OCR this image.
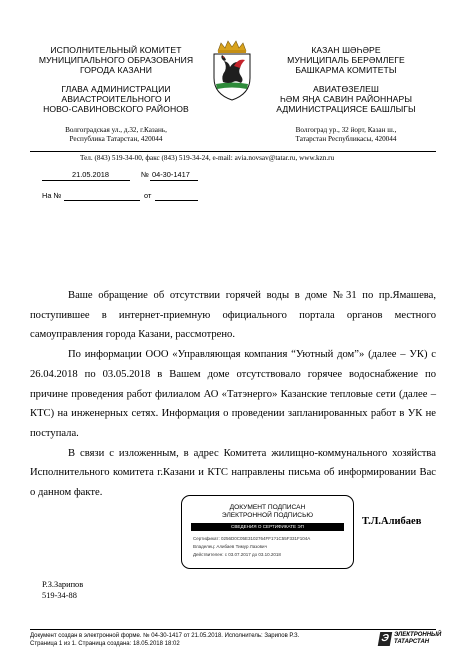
ИСПОЛНИТЕЛЬНЫЙ КОМИТЕТ
МУНИЦИПАЛЬНОГО ОБРАЗОВАНИЯ
ГОРОДА КАЗАНИ
ГЛАВА АДМИНИСТРАЦИИ
АВИАСТРОИТЕЛЬНОГО И
НОВО-САВИНОВСКОГО РАЙОНОВ
Волгоградская ул., д.32, г.Казань,
Республика Татарстан, 420044
КАЗАН ШӘҺӘРЕ
МУНИЦИПАЛЬ БЕРӘМЛЕГЕ
БАШКАРМА КОМИТЕТЫ
АВИАТӨЗЕЛЕШ
ҺӘМ ЯҢА САВИН РАЙОННАРЫ
АДМИНИСТРАЦИЯСЕ БАШЛЫГЫ
Волгоград ур., 32 йорт, Казан ш.,
Татарстан Республикасы, 420044
Тел. (843) 519-34-00, факс (843) 519-34-24, e-mail: avia.novsav@tatar.ru, www.kzn.ru
21.05.2018	№ 04-30-1417
На №	от

Ваше обращение об отсутствии горячей воды в доме №31 по пр.Ямашева, поступившее в интернет-приемную официального портала органов местного самоуправления города Казани, рассмотрено.

По информации ООО «Управляющая компания “Уютный дом”» (далее – УК) с 26.04.2018 по 03.05.2018 в Вашем доме отсутствовало горячее водоснабжение по причине проведения работ филиалом АО «Татэнерго» Казанские тепловые сети (далее – КТС) на инженерных сетях. Информация о проведении запланированных работ в УК не поступала.

В связи с изложенным, в адрес Комитета жилищно-коммунального хозяйства Исполнительного комитета г.Казани и КТС направлены письма об информировании Вас о данном факте.

ДОКУМЕНТ ПОДПИСАН
ЭЛЕКТРОННОЙ ПОДПИСЬЮ
СВЕДЕНИЯ О СЕРТИФИКАТЕ ЭП
Сертификат: 0256D0C05E3102764FF1?1C55F331F104A
Владелец: Алибаев Тимур Лазович
Действителен: с 03.07.2017 до 03.10.2018
Т.Л.Алибаев
Р.З.Зарипов
519-34-88
Документ создан в электронной форме. № 04-30-1417 от 21.05.2018. Исполнитель: Зарипов Р.З.
Страница 1 из 1. Страница создана: 18.05.2018 18:02	Э ЭЛЕКТРОННЫЙ
ТАТАРСТАН
